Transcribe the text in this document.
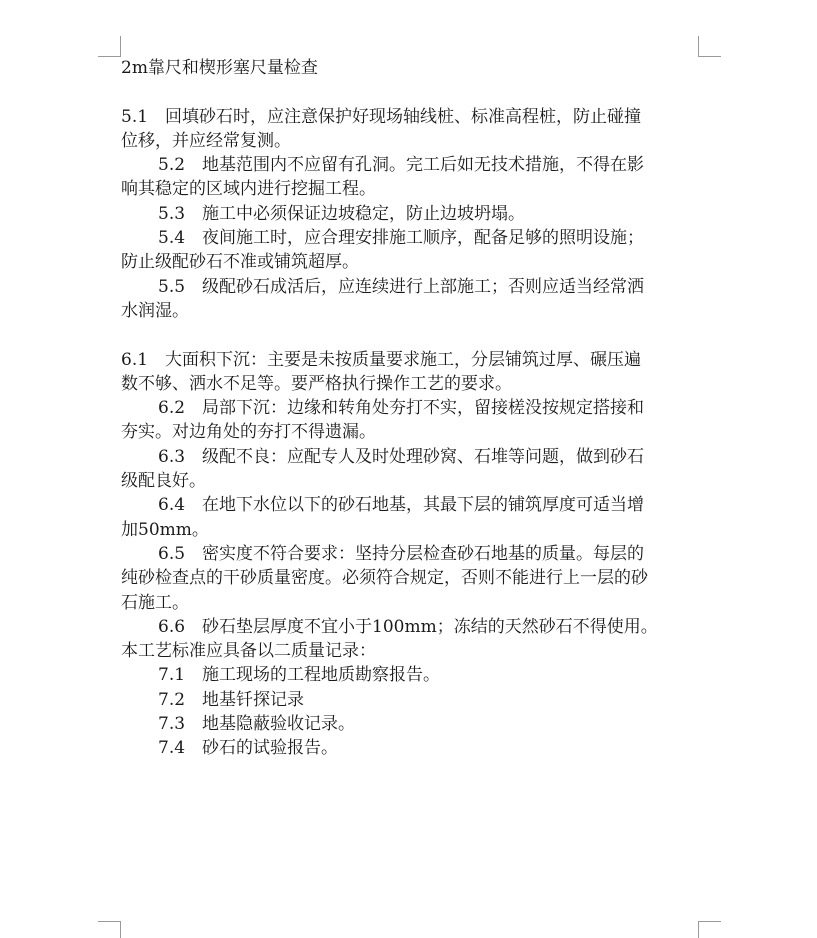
2m靠尺和楔形塞尺量检查
5.1　回填砂石时，应注意保护好现场轴线桩、标准高程桩，防止碰撞
位移，并应经常复测。
5.2　地基范围内不应留有孔洞。完工后如无技术措施，不得在影
响其稳定的区域内进行挖掘工程。
5.3　施工中必须保证边坡稳定，防止边坡坍塌。
5.4　夜间施工时，应合理安排施工顺序，配备足够的照明设施；
防止级配砂石不准或铺筑超厚。
5.5　级配砂石成活后，应连续进行上部施工；否则应适当经常洒
水润湿。
6.1　大面积下沉：主要是未按质量要求施工，分层铺筑过厚、碾压遍
数不够、洒水不足等。要严格执行操作工艺的要求。
6.2　局部下沉：边缘和转角处夯打不实，留接槎没按规定搭接和
夯实。对边角处的夯打不得遗漏。
6.3　级配不良：应配专人及时处理砂窝、石堆等问题，做到砂石
级配良好。
6.4　在地下水位以下的砂石地基，其最下层的铺筑厚度可适当增
加50mm。
6.5　密实度不符合要求：坚持分层检查砂石地基的质量。每层的
纯砂检查点的干砂质量密度。必须符合规定，否则不能进行上一层的砂
石施工。
6.6　砂石垫层厚度不宜小于100mm；冻结的天然砂石不得使用。
本工艺标准应具备以二质量记录：
7.1　施工现场的工程地质勘察报告。
7.2　地基钎探记录
7.3　地基隐蔽验收记录。
7.4　砂石的试验报告。
